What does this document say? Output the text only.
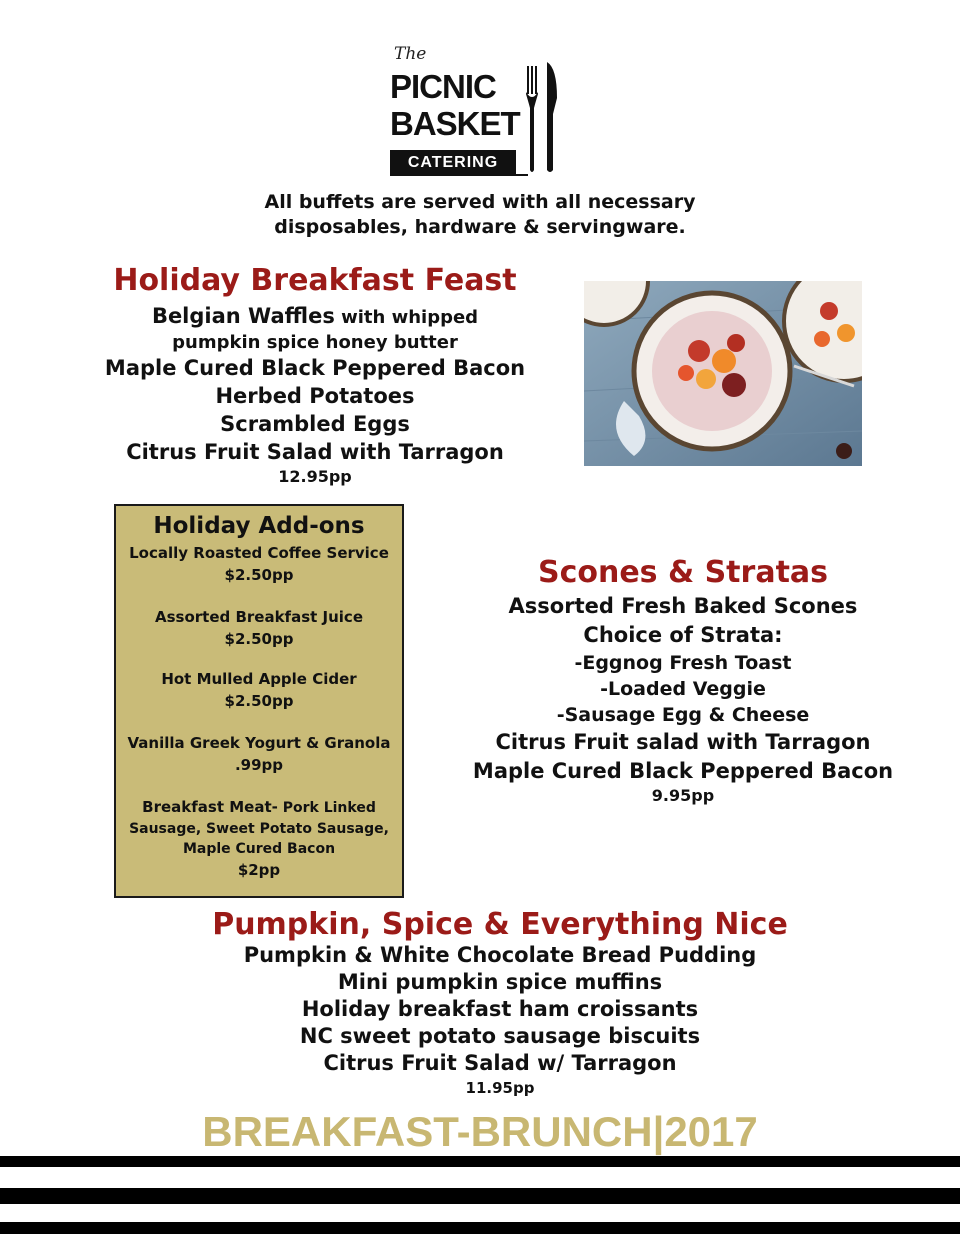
The
PICNIC
BASKET
CATERING
All buffets are served with all necessary
disposables, hardware & servingware.
Holiday Breakfast Feast
Belgian Waffles with whipped
pumpkin spice honey butter
Maple Cured Black Peppered Bacon
Herbed Potatoes
Scrambled Eggs
Citrus Fruit Salad with Tarragon
12.95pp
Holiday Add-ons
Locally Roasted Coffee Service
$2.50pp
Assorted Breakfast Juice
$2.50pp
Hot Mulled Apple Cider
$2.50pp
Vanilla Greek Yogurt & Granola
.99pp
Breakfast Meat- Pork Linked
Sausage, Sweet Potato Sausage,
Maple Cured Bacon
$2pp
Scones & Stratas
Assorted Fresh Baked Scones
Choice of Strata:
-Eggnog Fresh Toast
-Loaded Veggie
-Sausage Egg & Cheese
Citrus Fruit salad with Tarragon
Maple Cured Black Peppered Bacon
9.95pp
Pumpkin, Spice & Everything Nice
Pumpkin & White Chocolate Bread Pudding
Mini pumpkin spice muffins
Holiday breakfast ham croissants
NC sweet potato sausage biscuits
Citrus Fruit Salad w/ Tarragon
11.95pp
BREAKFAST-BRUNCH|2017
